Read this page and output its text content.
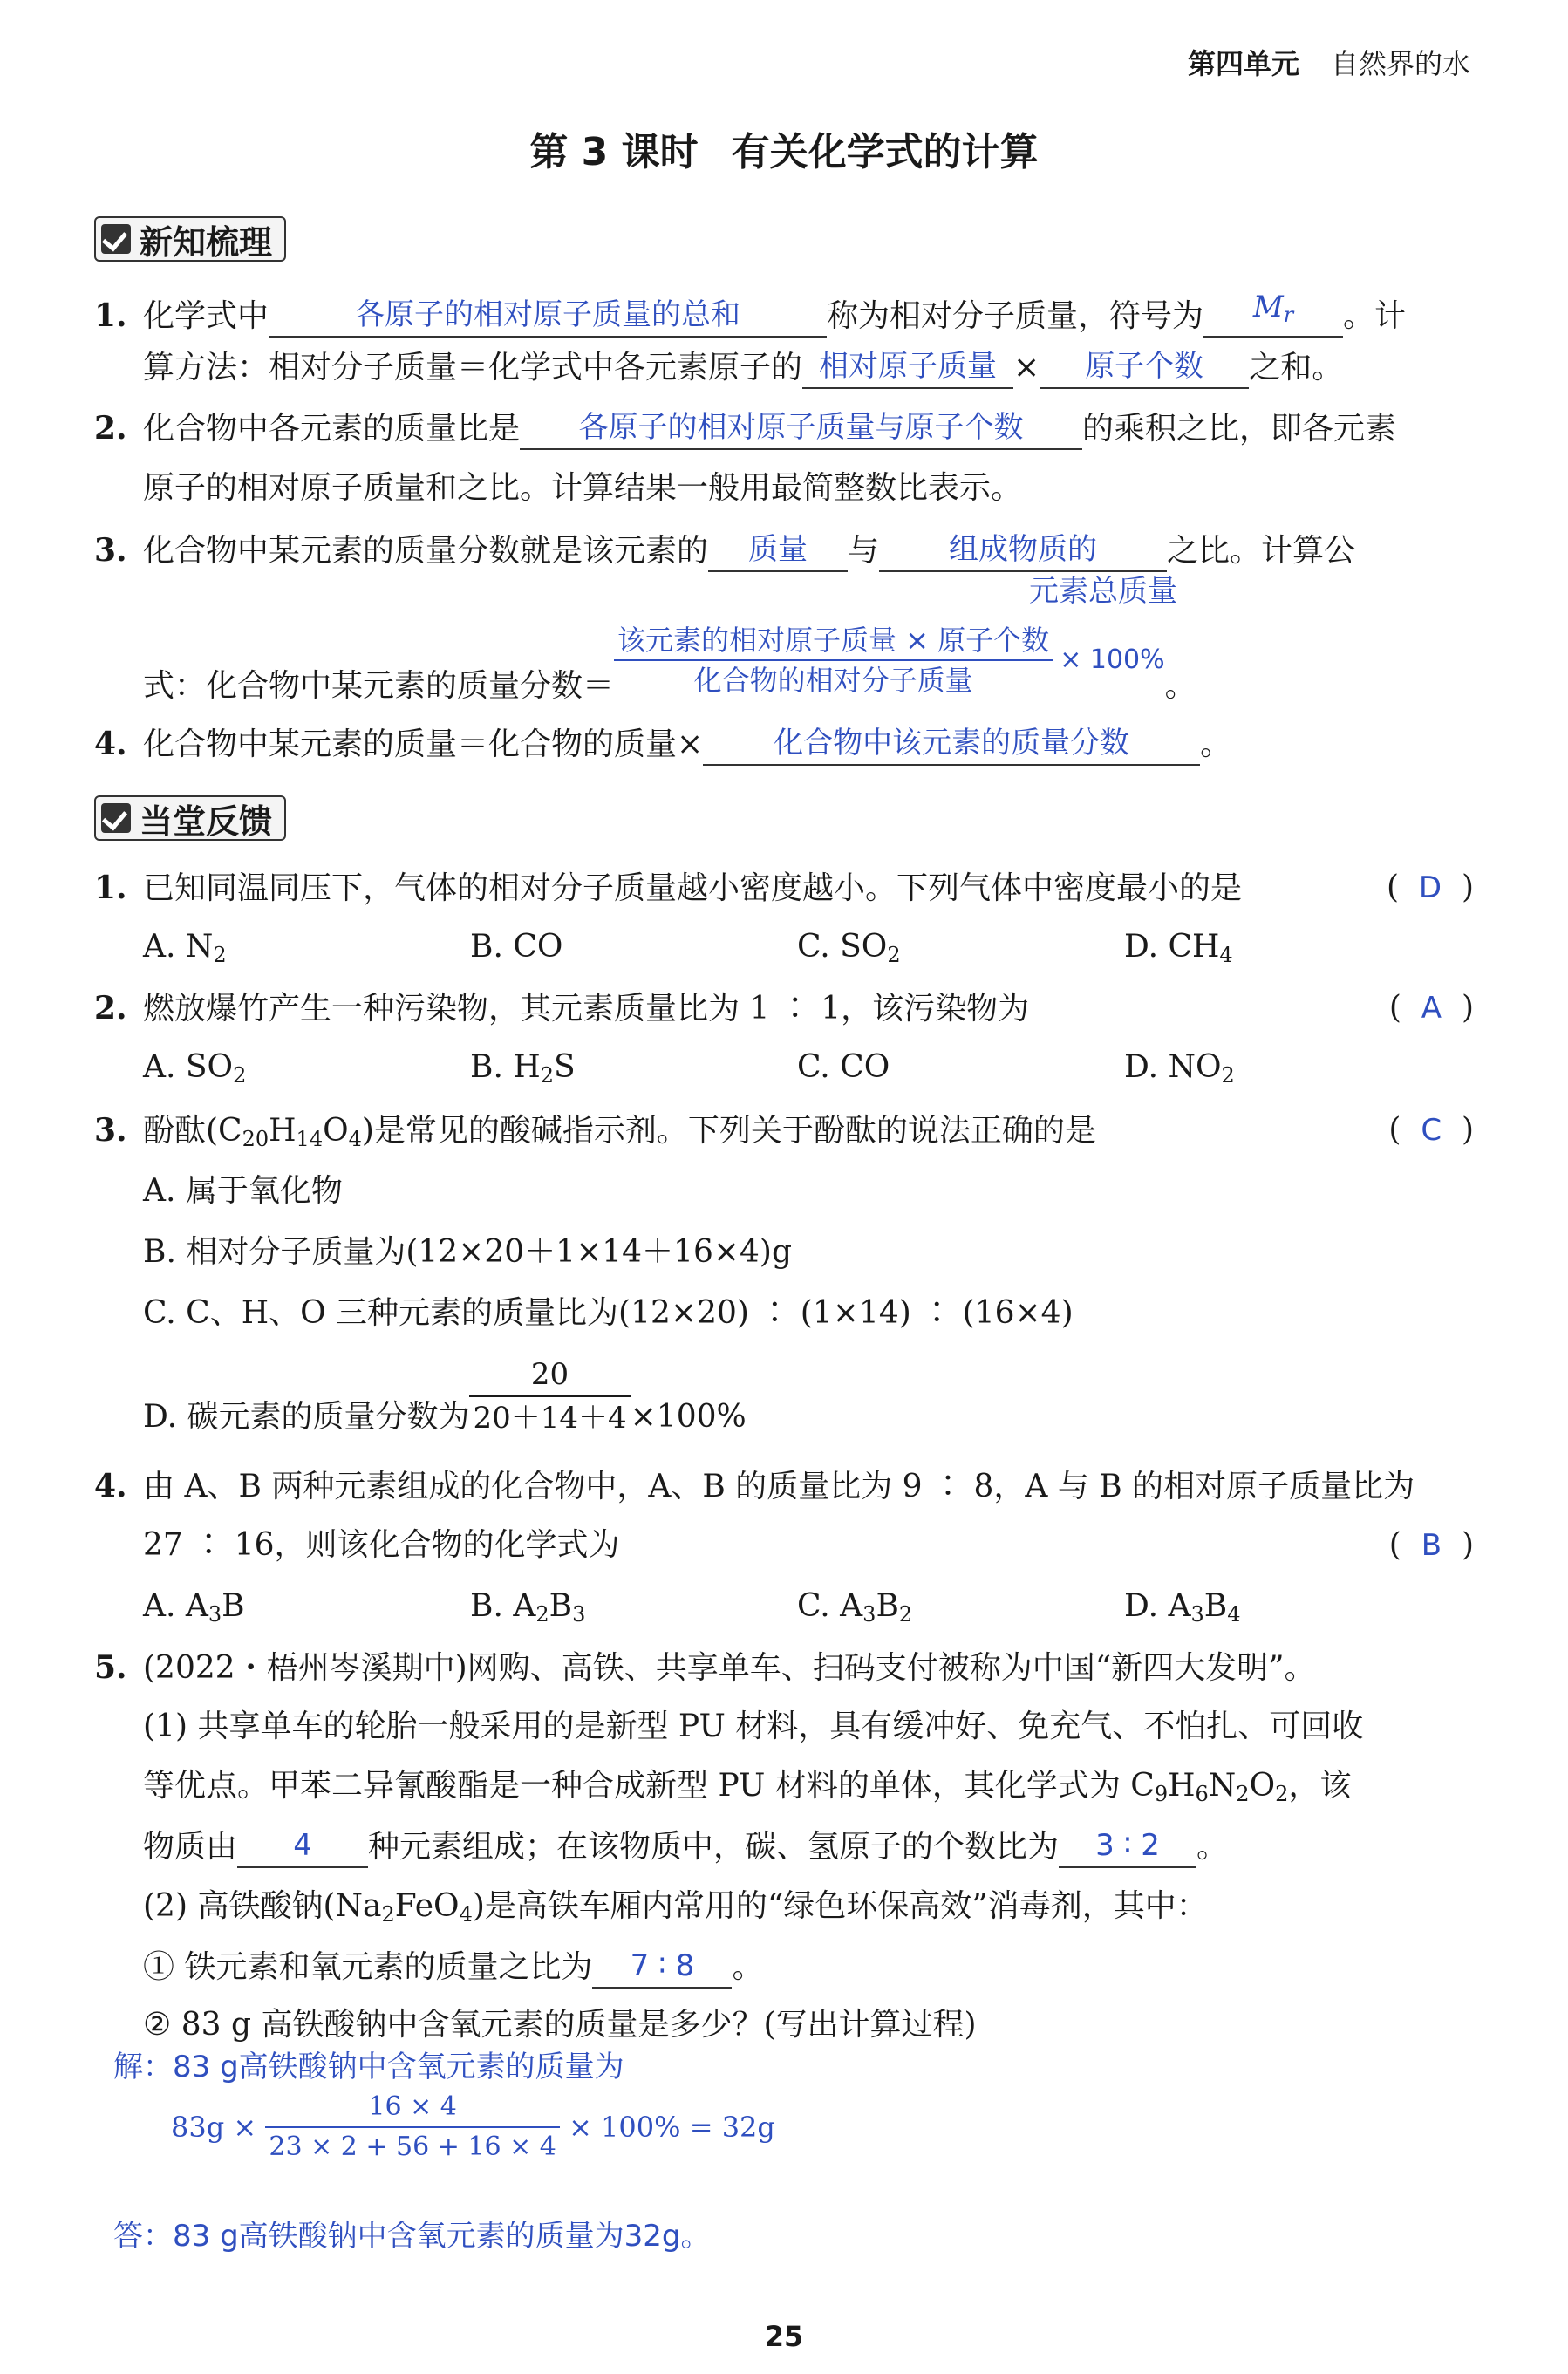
第四单元 自然界的水
第 3 课时 有关化学式的计算
新知梳理
1. 化学式中	各原子的相对原子质量的总和	称为相对分子质量，符号为 $M_r$ 。计
算方法：相对分子质量＝化学式中各元素原子的 相对原子质量 × 原子个数 之和。
2. 化合物中各元素的质量比是 各原子的相对原子质量与原子个数 的乘积之比，即各元素
原子的相对原子质量和之比。计算结果一般用最简整数比表示。
3. 化合物中某元素的质量分数就是该元素的 质量 与 组成物质的 之比。计算公
元素总质量
式：化合物中某元素的质量分数＝ $\frac{\text{该元素的相对原子质量 × 原子个数}}{\text{化合物的相对分子质量}} \times 100\%$。
4. 化合物中某元素的质量＝化合物的质量× 化合物中该元素的质量分数 。
当堂反馈
1. 已知同温同压下，气体的相对分子质量越小密度越小。下列气体中密度最小的是	(  D  )
A. $N_2$	B. CO	C. $SO_2$	D. $CH_4$
2. 燃放爆竹产生一种污染物，其元素质量比为 1 ∶ 1，该污染物为	(  A  )
A. $SO_2$	B. $H_2S$	C. CO	D. $NO_2$
3. 酚酞$(C_{20}H_{14}O_4)$是常见的酸碱指示剂。下列关于酚酞的说法正确的是	(  C  )
A. 属于氧化物
B. 相对分子质量为(12×20＋1×14＋16×4)g
C. C、H、O 三种元素的质量比为(12×20) ∶ (1×14) ∶ (16×4)
D. 碳元素的质量分数为 $\frac{20}{20+14+4} \times 100\%$
4. 由 A、B 两种元素组成的化合物中，A、B 的质量比为 9 ∶ 8，A 与 B 的相对原子质量比为
27 ∶ 16，则该化合物的化学式为	(  B  )
A. $A_3B$	B. $A_2B_3$	C. $A_3B_2$	D. $A_3B_4$
5. (2022・梧州岑溪期中)网购、高铁、共享单车、扫码支付被称为中国“新四大发明”。
(1) 共享单车的轮胎一般采用的是新型 PU 材料，具有缓冲好、免充气、不怕扎、可回收
等优点。甲苯二异氰酸酯是一种合成新型 PU 材料的单体，其化学式为 $C_9H_6N_2O_2$，该
物质由 4 种元素组成；在该物质中，碳、氢原子的个数比为 3 ∶ 2 。
(2) 高铁酸钠$(Na_2FeO_4)$是高铁车厢内常用的“绿色环保高效”消毒剂，其中：
① 铁元素和氧元素的质量之比为 7 ∶ 8 。
② 83 g 高铁酸钠中含氧元素的质量是多少？(写出计算过程)
解：83 g高铁酸钠中含氧元素的质量为
$83g \times \frac{16 \times 4}{23 \times 2 + 56 + 16 \times 4} \times 100\% = 32g$
答：83 g高铁酸钠中含氧元素的质量为32g。
25
